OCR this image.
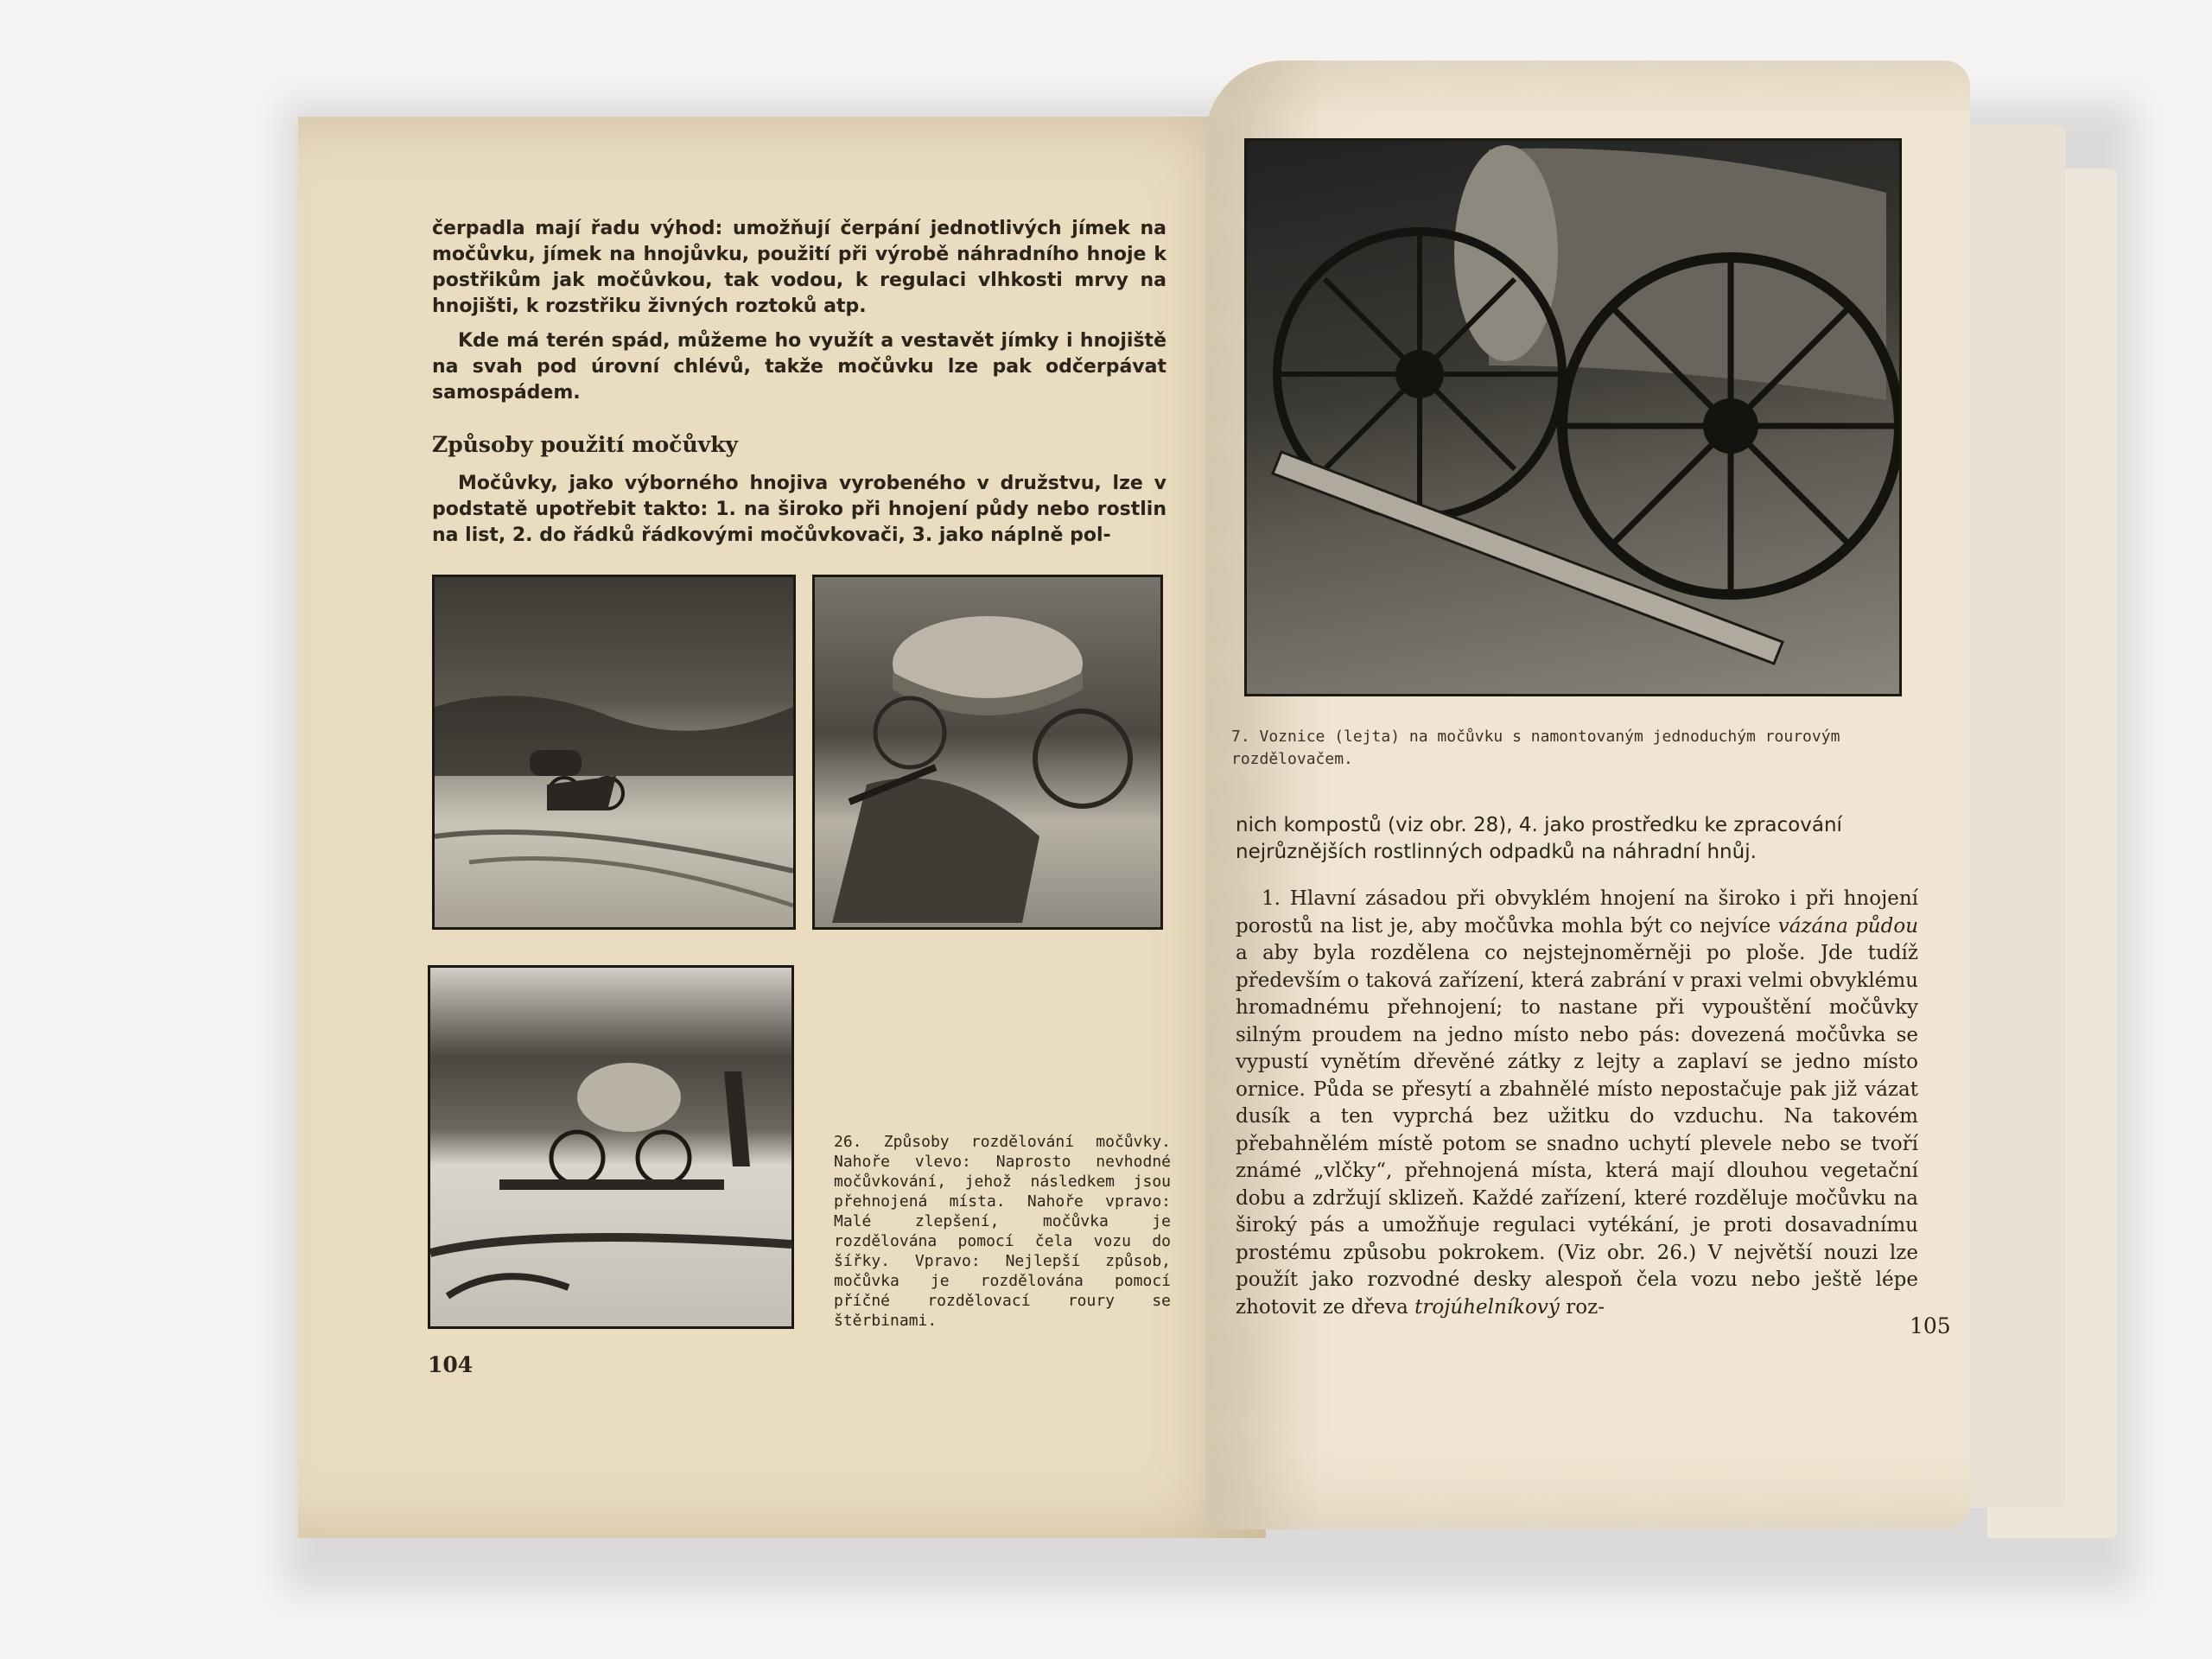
čerpadla mají řadu výhod: umožňují čerpání jednotlivých jímek na močůvku, jímek na hnojůvku, použití při výrobě náhradního hnoje k postřikům jak močůvkou, tak vodou, k regulaci vlhkosti mrvy na hnojišti, k rozstřiku živných roztoků atp.

Kde má terén spád, můžeme ho využít a vestavět jímky i hnojiště na svah pod úrovní chlévů, takže močůvku lze pak odčerpávat samospádem.

Způsoby použití močůvky

Močůvky, jako výborného hnojiva vyrobeného v družstvu, lze v podstatě upotřebit takto: 1. na široko při hnojení půdy nebo rostlin na list, 2. do řádků řádkovými močůvkovači, 3. jako náplně pol-

26. Způsoby rozdělování močůvky. Nahoře vlevo: Naprosto nevhodné močůvkování, jehož následkem jsou přehnojená místa. Nahoře vpravo: Malé zlepšení, močůvka je rozdělována pomocí čela vozu do šířky. Vpravo: Nejlepší způsob, močůvka je rozdělována pomocí příčné rozdělovací roury se štěrbinami.

104

7. Voznice (lejta) na močůvku s namontovaným jednoduchým rourovým rozdělovačem.

nich kompostů (viz obr. 28), 4. jako prostředku ke zpracování nejrůznějších rostlinných odpadků na náhradní hnůj.

1. Hlavní zásadou při obvyklém hnojení na široko i při hnojení porostů na list je, aby močůvka mohla být co nejvíce vázána půdou a aby byla rozdělena co nejstejnoměrněji po ploše. Jde tudíž především o taková zařízení, která zabrání v praxi velmi obvyklému hromadnému přehnojení; to nastane při vypouštění močůvky silným proudem na jedno místo nebo pás: dovezená močůvka se vypustí vynětím dřevěné zátky z lejty a zaplaví se jedno místo ornice. Půda se přesytí a zbahnělé místo nepostačuje pak již vázat dusík a ten vyprchá bez užitku do vzduchu. Na takovém přebahnělém místě potom se snadno uchytí plevele nebo se tvoří známé „vlčky“, přehnojená místa, která mají dlouhou vegetační dobu a zdržují sklizeň. Každé zařízení, které rozděluje močůvku na široký pás a umožňuje regulaci vytékání, je proti dosavadnímu prostému způsobu pokrokem. (Viz obr. 26.) V největší nouzi lze použít jako rozvodné desky alespoň čela vozu nebo ještě lépe zhotovit ze dřeva trojúhelníkový roz-

105
